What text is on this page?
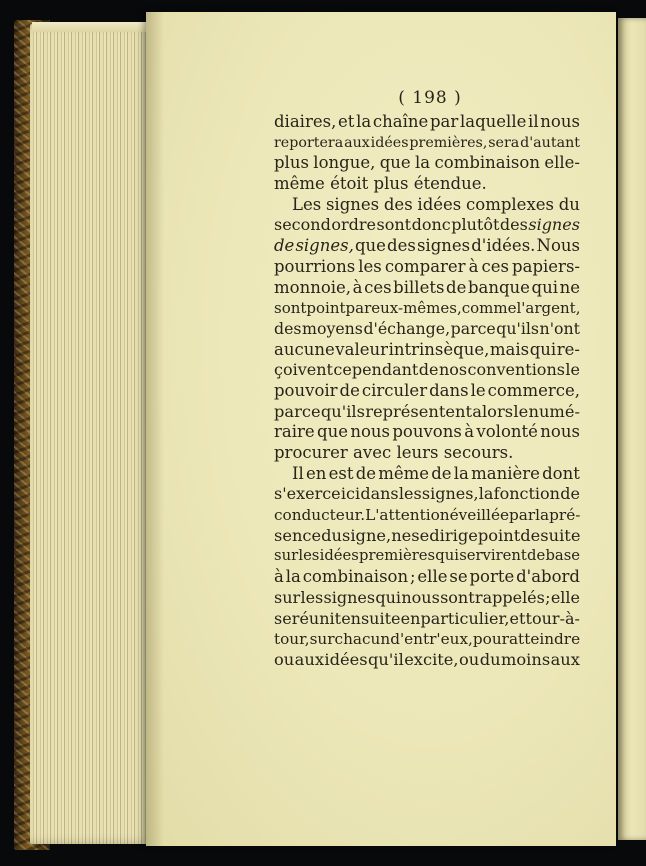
( 198 )
diaires, et la chaîne par laquelle il nous
reportera aux idées premières, sera d'autant
plus longue, que la combinaison elle-
même étoit plus étendue.
Les signes des idées complexes du
second ordre sont donc plutôt des signes
de signes, que des signes d'idées. Nous
pourrions les comparer à ces papiers-
monnoie, à ces billets de banque qui ne
sont point par eux-mêmes, comme l'argent,
des moyens d'échange, parce qu'ils n'ont
aucune valeur intrinsèque, mais qui re-
çoivent cependant de nos conventions le
pouvoir de circuler dans le commerce,
parce qu'ils représentent alors le numé-
raire que nous pouvons à volonté nous
procurer avec leurs secours.
Il en est de même de la manière dont
s'exerce ici dans les signes, la fonction de
conducteur. L'attention éveillée par la pré-
sence du signe, ne se dirige point de suite
sur les idées premières qui servirent de base
à la combinaison ; elle se porte d'abord
sur les signes qui nous sont rappelés ; elle
se réunit ensuite en particulier, et tour-à-
tour, sur chacun d'entr'eux, pour atteindre
ou aux idées qu'il excite, ou du moins aux
